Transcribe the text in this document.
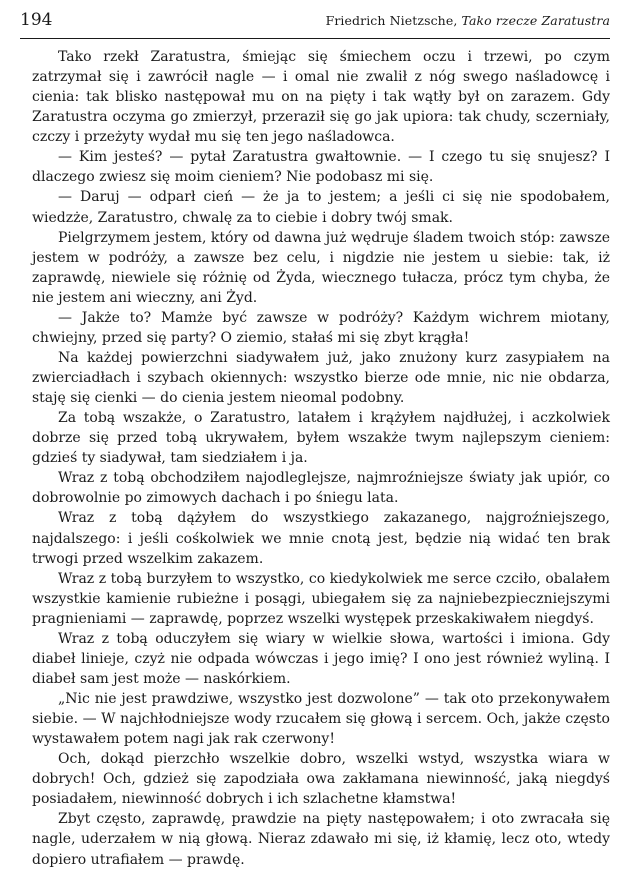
194	Friedrich Nietzsche, Tako rzecze Zaratustra

Tako rzekł Zaratustra, śmiejąc się śmiechem oczu i trzewi, po czym zatrzymał się i zawrócił nagle — i omal nie zwalił z nóg swego naśladowcę i cienia: tak blisko następował mu on na pięty i tak wątły był on zarazem. Gdy Zaratustra oczyma go zmierzył, przeraził się go jak upiora: tak chudy, sczerniały, czczy i przeżyty wydał mu się ten jego naśladowca.

— Kim jesteś? — pytał Zaratustra gwałtownie. — I czego tu się snujesz? I dlaczego zwiesz się moim cieniem? Nie podobasz mi się.

— Daruj — odparł cień — że ja to jestem; a jeśli ci się nie spodobałem, wiedzże, Zaratustro, chwalę za to ciebie i dobry twój smak.

Pielgrzymem jestem, który od dawna już wędruje śladem twoich stóp: zawsze jestem w podróży, a zawsze bez celu, i nigdzie nie jestem u siebie: tak, iż zaprawdę, niewiele się różnię od Żyda, wiecznego tułacza, prócz tym chyba, że nie jestem ani wieczny, ani Żyd.

— Jakże to? Mamże być zawsze w podróży? Każdym wichrem miotany, chwiejny, przed się party? O ziemio, stałaś mi się zbyt krągła!

Na każdej powierzchni siadywałem już, jako znużony kurz zasypiałem na zwierciadłach i szybach okiennych: wszystko bierze ode mnie, nic nie obdarza, staję się cienki — do cienia jestem nieomal podobny.

Za tobą wszakże, o Zaratustro, latałem i krążyłem najdłużej, i aczkolwiek dobrze się przed tobą ukrywałem, byłem wszakże twym najlepszym cieniem: gdzieś ty siadywał, tam siedziałem i ja.

Wraz z tobą obchodziłem najodleglejsze, najmroźniejsze światy jak upiór, co dobrowolnie po zimowych dachach i po śniegu lata.

Wraz z tobą dążyłem do wszystkiego zakazanego, najgroźniejszego, najdalszego: i jeśli cośkolwiek we mnie cnotą jest, będzie nią widać ten brak trwogi przed wszelkim zakazem.

Wraz z tobą burzyłem to wszystko, co kiedykolwiek me serce czciło, obalałem wszystkie kamienie rubieżne i posągi, ubiegałem się za najniebezpieczniejszymi pragnieniami — zaprawdę, poprzez wszelki występek przeskakiwałem niegdyś.

Wraz z tobą oduczyłem się wiary w wielkie słowa, wartości i imiona. Gdy diabeł linieje, czyż nie odpada wówczas i jego imię? I ono jest również wyliną. I diabeł sam jest może — naskórkiem.

„Nic nie jest prawdziwe, wszystko jest dozwolone” — tak oto przekonywałem siebie. — W najchłodniejsze wody rzucałem się głową i sercem. Och, jakże często wystawałem potem nagi jak rak czerwony!

Och, dokąd pierzchło wszelkie dobro, wszelki wstyd, wszystka wiara w dobrych! Och, gdzież się zapodziała owa zakłamana niewinność, jaką niegdyś posiadałem, niewinność dobrych i ich szlachetne kłamstwa!

Zbyt często, zaprawdę, prawdzie na pięty następowałem; i oto zwracała się nagle, uderzałem w nią głową. Nieraz zdawało mi się, iż kłamię, lecz oto, wtedy dopiero utrafiałem — prawdę.
